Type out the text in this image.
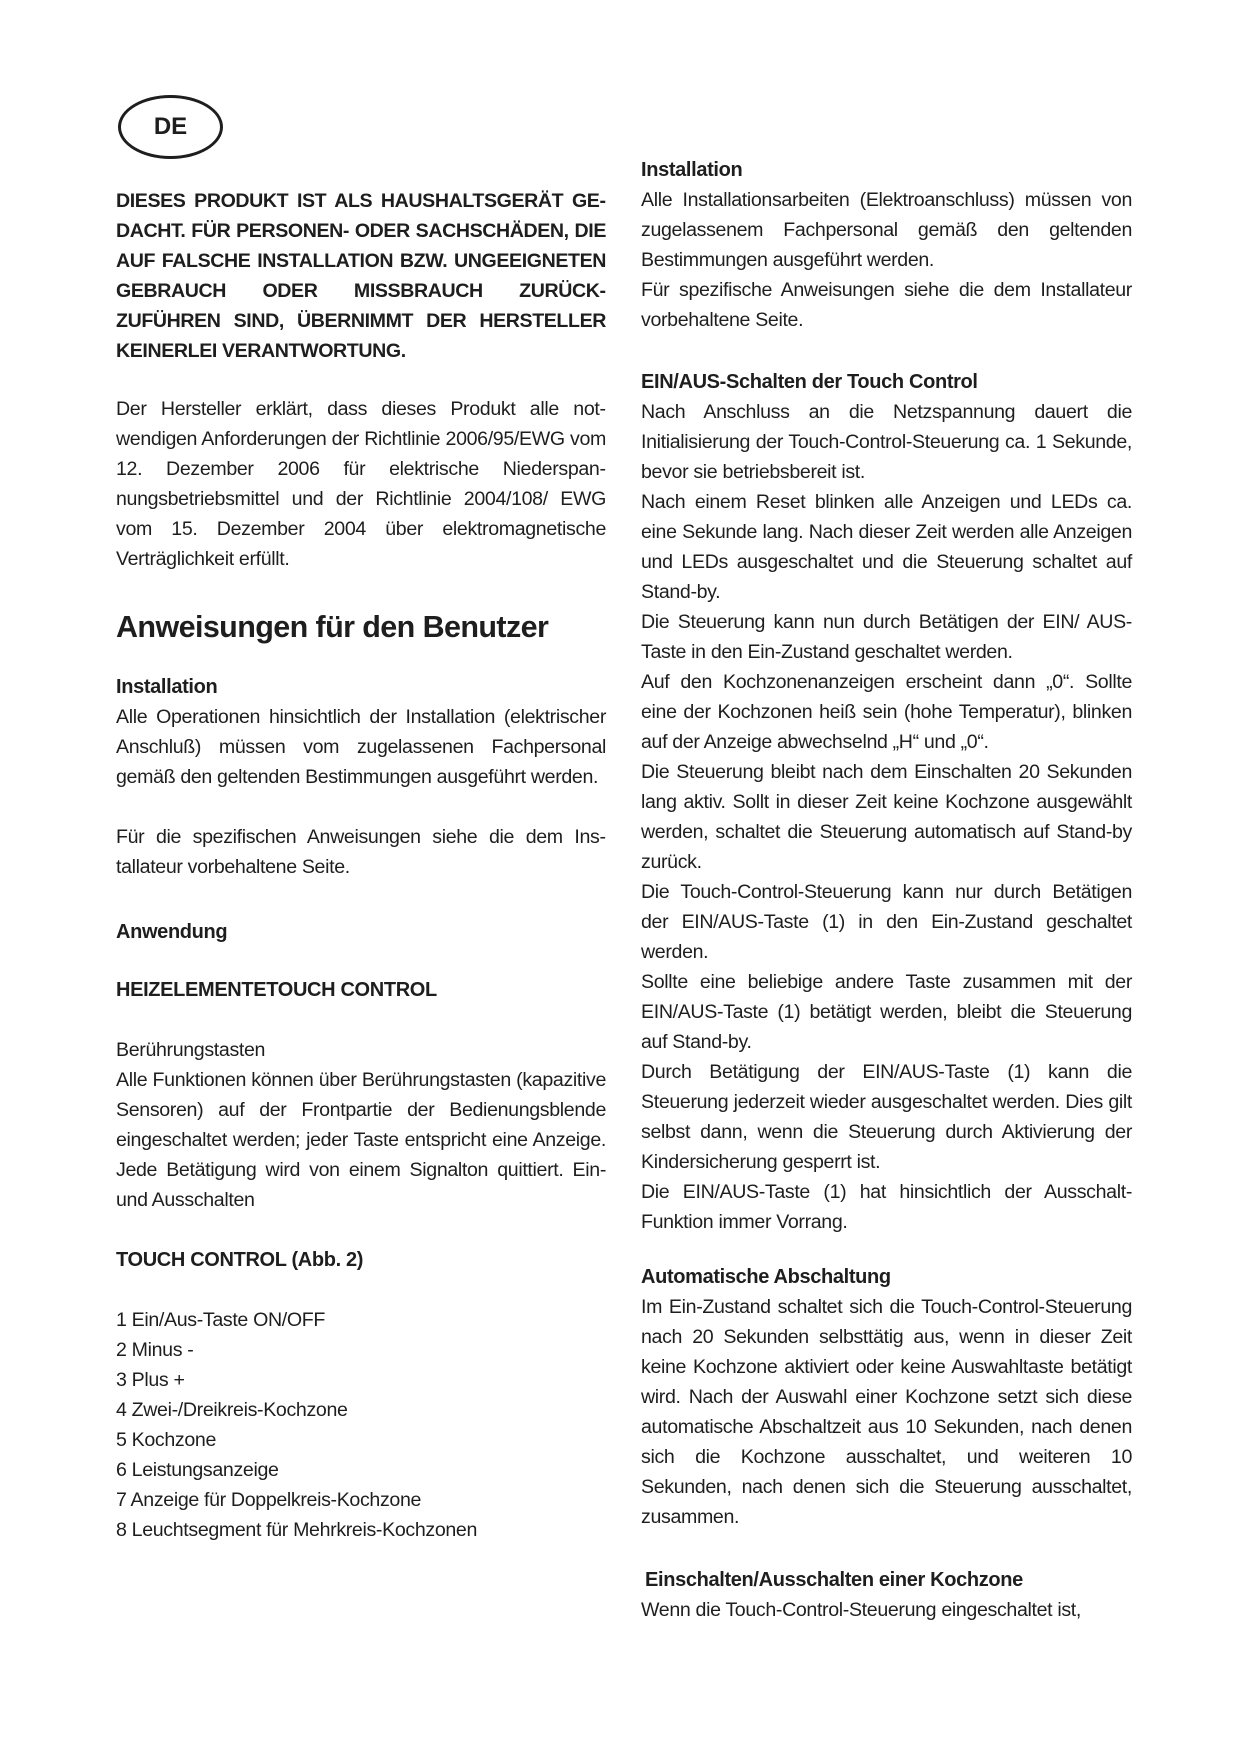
DE

DIESES PRODUKT IST ALS HAUSHALTSGERÄT GEDACHT. FÜR PERSONEN- ODER SACHSCHÄDEN, DIE AUF FALSCHE INSTALLATION BZW. UNGEEIGNETEN GEBRAUCH ODER MISSBRAUCH ZURÜCKZUFÜHREN SIND, ÜBERNIMMT DER HERSTELLER KEINERLEI VERANTWORTUNG.

Der Hersteller erklärt, dass dieses Produkt alle notwendigen Anforderungen der Richtlinie 2006/95/EWG vom 12. Dezember 2006 für elektrische Niederspannungsbetriebsmittel und der Richtlinie 2004/108/ EWG vom 15. Dezember 2004 über elektromagnetische Verträglichkeit erfüllt.

Anweisungen für den Benutzer
Installation

Alle Operationen hinsichtlich der Installation (elektrischer Anschluß) müssen vom zugelassenen Fachpersonal gemäß den geltenden Bestimmungen ausgeführt werden.

Für die spezifischen Anweisungen siehe die dem Installateur vorbehaltene Seite.

Anwendung
HEIZELEMENTETOUCH CONTROL

Berührungstasten

Alle Funktionen können über Berührungstasten (kapazitive Sensoren) auf der Frontpartie der Bedienungsblende eingeschaltet werden; jeder Taste entspricht eine Anzeige. Jede Betätigung wird von einem Signalton quittiert. Ein- und Ausschalten

TOUCH CONTROL (Abb. 2)
1 Ein/Aus-Taste ON/OFF
2 Minus -
3 Plus +
4 Zwei-/Dreikreis-Kochzone
5 Kochzone
6 Leistungsanzeige
7 Anzeige für Doppelkreis-Kochzone
8 Leuchtsegment für Mehrkreis-Kochzonen
Installation

Alle Installationsarbeiten (Elektroanschluss) müssen von zugelassenem Fachpersonal gemäß den geltenden Bestimmungen ausgeführt werden.

Für spezifische Anweisungen siehe die dem Installateur vorbehaltene Seite.

EIN/AUS-Schalten der Touch Control

Nach Anschluss an die Netzspannung dauert die Initialisierung der Touch-Control-Steuerung ca. 1 Sekunde, bevor sie betriebsbereit ist.

Nach einem Reset blinken alle Anzeigen und LEDs ca. eine Sekunde lang. Nach dieser Zeit werden alle Anzeigen und LEDs ausgeschaltet und die Steuerung schaltet auf Stand-by.

Die Steuerung kann nun durch Betätigen der EIN/ AUS-Taste in den Ein-Zustand geschaltet werden.

Auf den Kochzonenanzeigen erscheint dann „0“. Sollte eine der Kochzonen heiß sein (hohe Temperatur), blinken auf der Anzeige abwechselnd „H“ und „0“.

Die Steuerung bleibt nach dem Einschalten 20 Sekunden lang aktiv. Sollt in dieser Zeit keine Kochzone ausgewählt werden, schaltet die Steuerung automatisch auf Stand-by zurück.

Die Touch-Control-Steuerung kann nur durch Betätigen der EIN/AUS-Taste (1) in den Ein-Zustand geschaltet werden.

Sollte eine beliebige andere Taste zusammen mit der EIN/AUS-Taste (1) betätigt werden, bleibt die Steuerung auf Stand-by.

Durch Betätigung der EIN/AUS-Taste (1) kann die Steuerung jederzeit wieder ausgeschaltet werden. Dies gilt selbst dann, wenn die Steuerung durch Aktivierung der Kindersicherung gesperrt ist.

Die EIN/AUS-Taste (1) hat hinsichtlich der Ausschalt-Funktion immer Vorrang.

Automatische Abschaltung

Im Ein-Zustand schaltet sich die Touch-Control-Steuerung nach 20 Sekunden selbsttätig aus, wenn in dieser Zeit keine Kochzone aktiviert oder keine Auswahltaste betätigt wird. Nach der Auswahl einer Kochzone setzt sich diese automatische Abschaltzeit aus 10 Sekunden, nach denen sich die Kochzone ausschaltet, und weiteren 10 Sekunden, nach denen sich die Steuerung ausschaltet, zusammen.

Einschalten/Ausschalten einer Kochzone

Wenn die Touch-Control-Steuerung eingeschaltet ist,
